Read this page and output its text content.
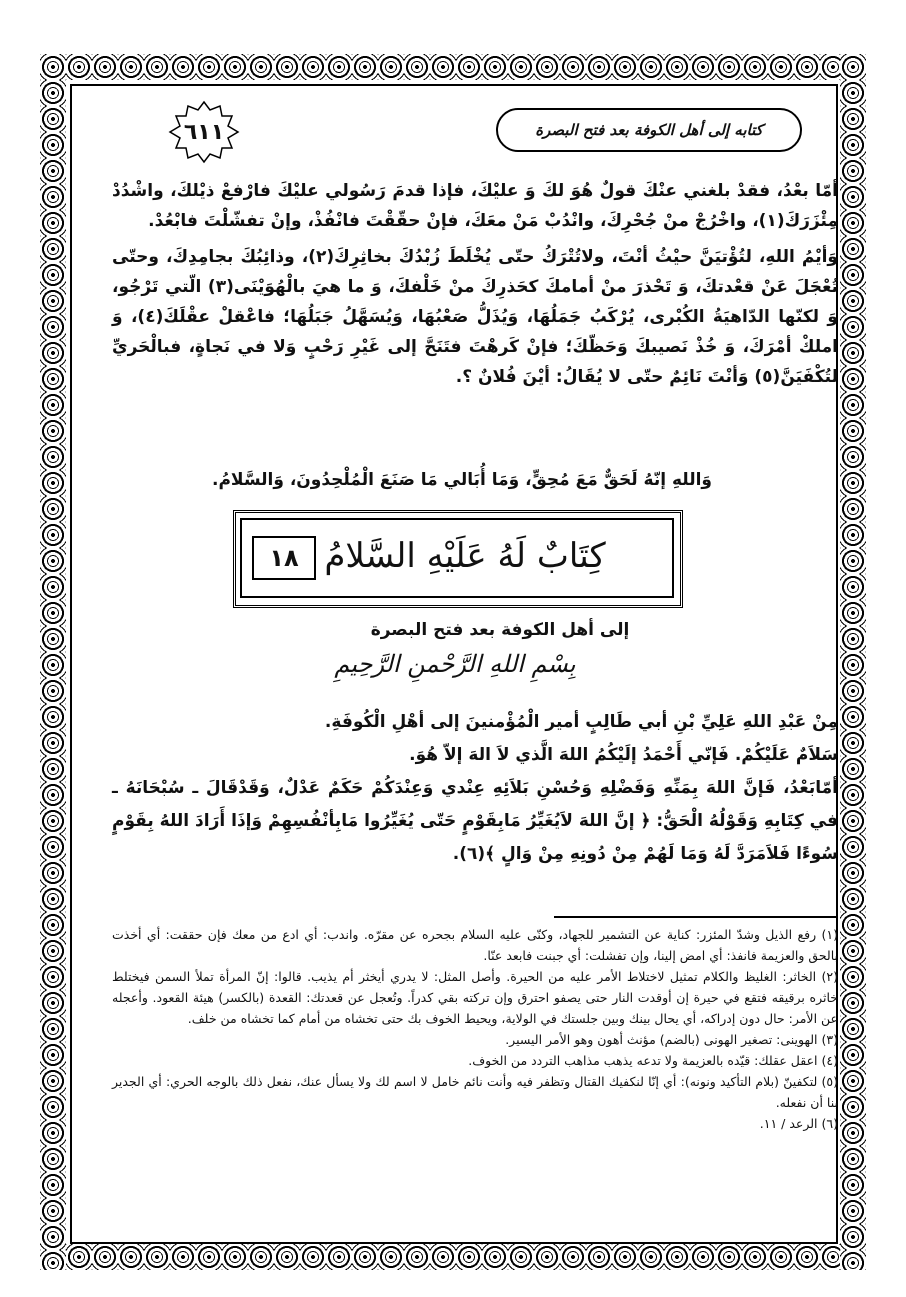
٦١١	كتابه إلى أهل الكوفة بعد فتح البصرة

أمّا بعْدُ، فقدْ بلغني عنْكَ قولٌ هُوَ لكَ وَ عليْكَ، فإذا قدمَ رَسُولي عليْكَ فارْفعْ ذيْلكَ، واشْدُدْ مِئْزَرَكَ(١)، واخْرُجْ منْ جُحْرِكَ، وانْدُبْ مَنْ معَكَ، فإنْ حقّقْتَ فانْفُذْ، وإنْ تفشّلْتَ فابْعُدْ.

وَأيْمُ اللهِ، لتُؤْتيَنَّ حيْثُ أنْتَ، ولاتُتْرَكُ حتّى يُخْلَطَ زُبْدُكَ بخاثِرِكَ(٢)، وذائِبُكَ بجامِدِكَ، وحتّى تُعْجَلَ عَنْ قعْدتكَ، وَ تَحْذرَ منْ أمامكَ كحَذرِكَ منْ خَلْفكَ، وَ ما هيَ بالْهُوَيْنَى(٣) الّتي تَرْجُو، وَ لكنّها الدّاهيَةُ الكُبْرى، يُرْكَبُ جَمَلُهَا، وَيُذَلُّ صَعْبُهَا، وَيُسَهَّلُ جَبَلُهَا؛ فاعْقلْ عقْلَكَ(٤)، وَ املكْ أمْرَكَ، وَ خُذْ نَصيبكَ وَحَظّكَ؛ فإنْ كَرهْتَ فتَنَحَّ إلى غَيْرِ رَحْبٍ وَلا في نَجاةٍ، فبالْحَريِّ لتُكْفَيَنَّ(٥) وَأنْتَ نَائِمٌ حتّى لا يُقَالُ: أيْنَ فُلانٌ ؟.

وَاللهِ إنّهُ لَحَقٌّ مَعَ مُحِقٍّ، وَمَا أُبَالي مَا صَنَعَ الْمُلْحِدُونَ، وَالسَّلامُ.
كِتَابٌ لَهُ عَلَيْهِ السَّلامُ
١٨
إلى أهل الكوفة بعد فتح البصرة
بِسْمِ اللهِ الرَّحْمنِ الرَّحِيمِ

مِنْ عَبْدِ اللهِ عَلِيِّ بْنِ أبي طَالِبٍ أمير الْمُؤْمنينَ إلى أهْلِ الْكُوفَةِ.

سَلاَمٌ عَلَيْكُمْ. فَإنّي أَحْمَدُ إلَيْكُمُ اللهَ الَّذي لاَ الهَ إلاّ هُوَ.

أمّابَعْدُ، فَإنَّ اللهَ بِمَنِّهِ وَفَضْلِهِ وَحُسْنِ بَلاَئِهِ عِنْدي وَعِنْدَكُمْ حَكَمٌ عَدْلٌ، وَقَدْقَالَ ـ سُبْحَانَهُ ـ في كِتَابِهِ وَقَوْلُهُ الْحَقُّ: ﴿ إنَّ اللهَ لاَيُغَيِّرُ مَابِقَوْمٍ حَتّى يُغَيِّرُوا مَابِأنْفُسِهِمْ وَإذَا أَرَادَ اللهُ بِقَوْمٍ سُوءًا فَلاَمَرَدَّ لَهُ وَمَا لَهُمْ مِنْ دُونِهِ مِنْ وَالٍ ﴾(٦).

(١) رفع الذيل وشدّ المئزر: كناية عن التشمير للجهاد، وكنّى عليه السلام بجحره عن مقرّه. واندب: أي ادع من معك فإن حققت: أي أخذت بالحق والعزيمة فانفذ: أي امض إلينا، وإن تفشلت: أي جبنت فابعد عنّا.

(٢) الخاثر: الغليظ والكلام تمثيل لاختلاط الأمر عليه من الحيرة. وأصل المثل: لا يدري أيخثر أم يذيب. قالوا: إنّ المرأة تملأ السمن فيختلط خاثره برقيقه فتقع في حيرة إن أوقدت النار حتى يصفو احترق وإن تركته بقي كدراً. وتُعجل عن قعدتك: القعدة (بالكسر) هيئة القعود. وأعجله عن الأمر: حال دون إدراكه، أي يحال بينك وبين جلستك في الولاية، ويحيط الخوف بك حتى تخشاه من أمام كما تخشاه من خلف.

(٣) الهوينى: تصغير الهونى (بالضم) مؤنث أهون وهو الأمر اليسير.

(٤) اعقل عقلك: قيّده بالعزيمة ولا تدعه يذهب مذاهب التردد من الخوف.

(٥) لتكفينّ (بلام التأكيد ونونه): أي إنّا لنكفيك القتال وتظفر فيه وأنت نائم خامل لا اسم لك ولا يسأل عنك، نفعل ذلك بالوجه الحري: أي الجدير بنا أن نفعله.

(٦) الرعد / ١١.
